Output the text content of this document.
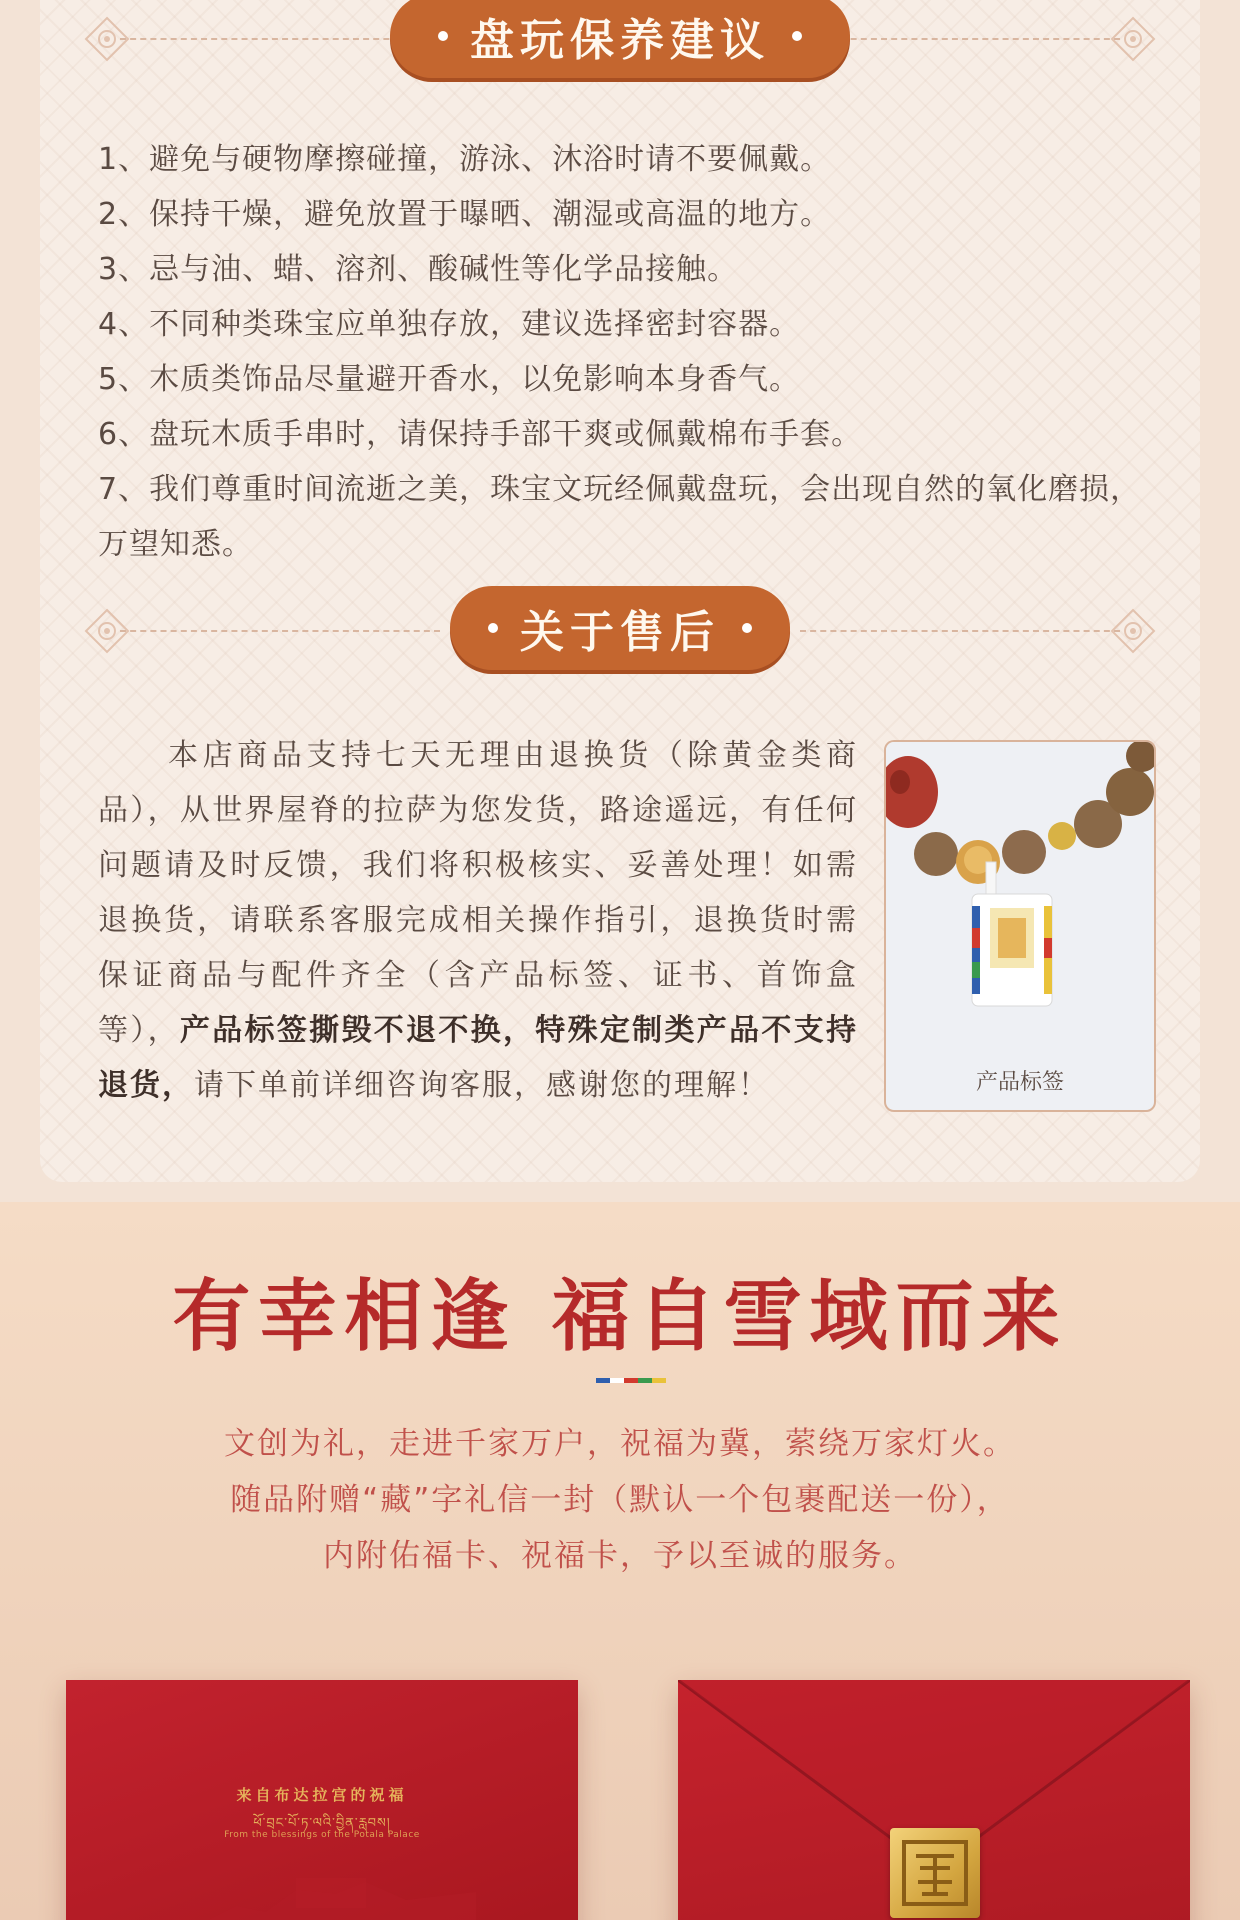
盘玩保养建议
1、避免与硬物摩擦碰撞，游泳、沐浴时请不要佩戴。
2、保持干燥，避免放置于曝晒、潮湿或高温的地方。
3、忌与油、蜡、溶剂、酸碱性等化学品接触。
4、不同种类珠宝应单独存放，建议选择密封容器。
5、木质类饰品尽量避开香水，以免影响本身香气。
6、盘玩木质手串时，请保持手部干爽或佩戴棉布手套。
7、我们尊重时间流逝之美，珠宝文玩经佩戴盘玩，会出现自然的氧化磨损，万望知悉。
关于售后

本店商品支持七天无理由退换货（除黄金类商品），从世界屋脊的拉萨为您发货，路途遥远，有任何问题请及时反馈，我们将积极核实、妥善处理！如需退换货，请联系客服完成相关操作指引，退换货时需保证商品与配件齐全（含产品标签、证书、首饰盒等），产品标签撕毁不退不换，特殊定制类产品不支持退货，请下单前详细咨询客服，感谢您的理解！	产品标签
有幸相逢 福自雪域而来
文创为礼，走进千家万户，祝福为冀，萦绕万家灯火。
随品附赠“藏”字礼信一封（默认一个包裹配送一份），
内附佑福卡、祝福卡，予以至诚的服务。
来自布达拉宫的祝福
ཕོ་བྲང་པོ་ཏ་ལའི་བྱིན་རླབས།
From the blessings of the Potala Palace
